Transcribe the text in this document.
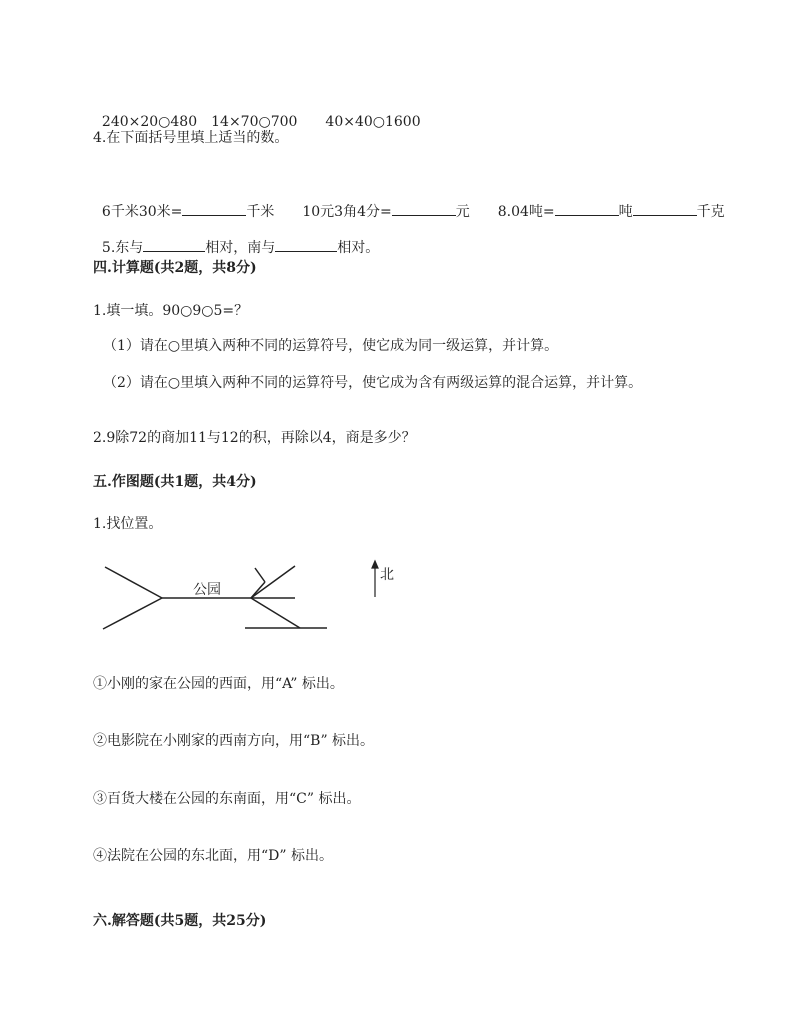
240×20○480  14×70○700   40×40○1600

4.在下面括号里填上适当的数。

6千米30米=	千米   10元3角4分=	元   8.04吨=	吨	千克

5.东与	相对，南与	相对。

四.计算题(共2题，共8分)
1.填一填。90○9○5=？
（1）请在○里填入两种不同的运算符号，使它成为同一级运算，并计算。
（2）请在○里填入两种不同的运算符号，使它成为含有两级运算的混合运算，并计算。
2.9除72的商加11与12的积，再除以4，商是多少？
五.作图题(共1题，共4分)
1.找位置。
公园
北
①小刚的家在公园的西面，用“A” 标出。
②电影院在小刚家的西南方向，用“B” 标出。
③百货大楼在公园的东南面，用“C” 标出。
④法院在公园的东北面，用“D” 标出。
六.解答题(共5题，共25分)
